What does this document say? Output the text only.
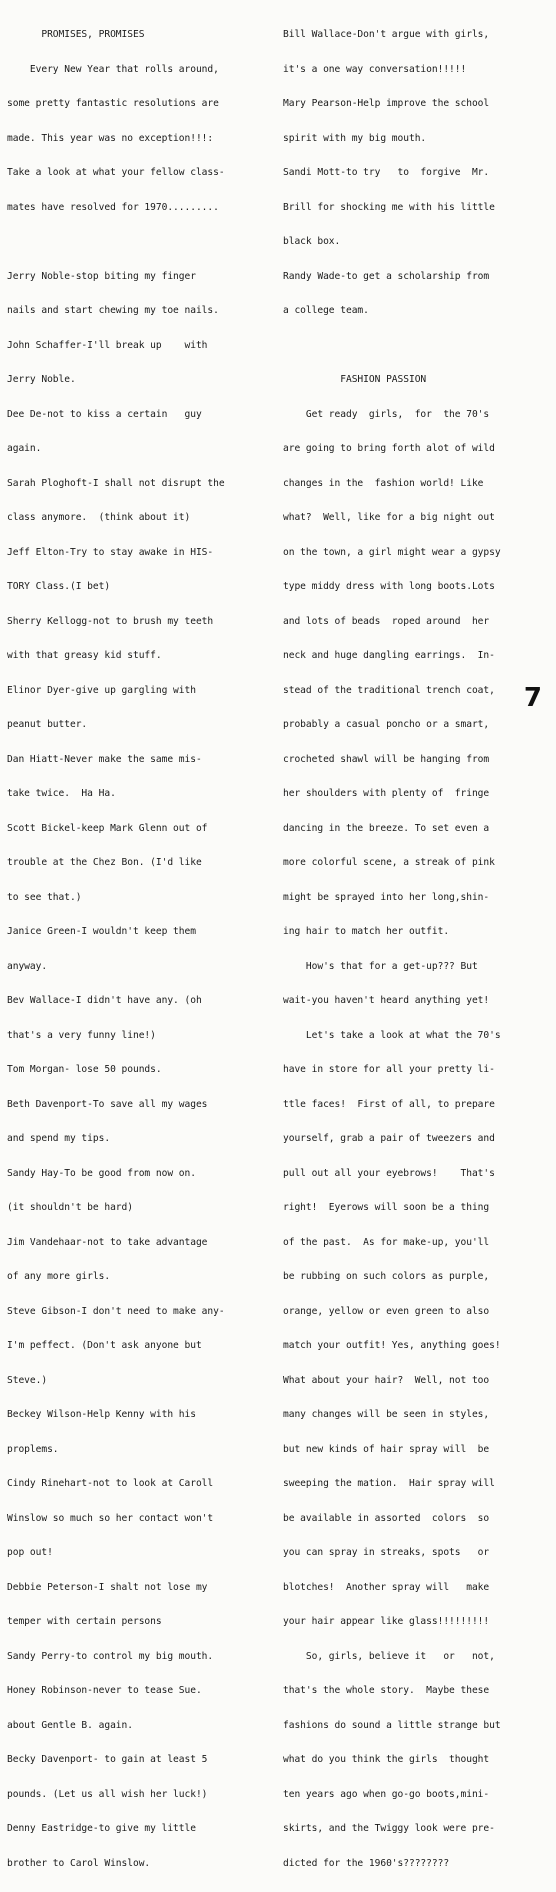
PROMISES, PROMISES

Every New Year that rolls around,

some pretty fantastic resolutions are

made. This year was no exception!!!:

Take a look at what your fellow class-

mates have resolved for 1970.........

Jerry Noble-stop biting my finger

nails and start chewing my toe nails.

John Schaffer-I'll break up    with

Jerry Noble.

Dee De-not to kiss a certain   guy

again.

Sarah Ploghoft-I shall not disrupt the

class anymore.  (think about it)

Jeff Elton-Try to stay awake in HIS-

TORY Class.(I bet)

Sherry Kellogg-not to brush my teeth

with that greasy kid stuff.

Elinor Dyer-give up gargling with

peanut butter.

Dan Hiatt-Never make the same mis-

take twice.  Ha Ha.

Scott Bickel-keep Mark Glenn out of

trouble at the Chez Bon. (I'd like

to see that.)

Janice Green-I wouldn't keep them

anyway.

Bev Wallace-I didn't have any. (oh

that's a very funny line!)

Tom Morgan- lose 50 pounds.

Beth Davenport-To save all my wages

and spend my tips.

Sandy Hay-To be good from now on.

(it shouldn't be hard)

Jim Vandehaar-not to take advantage

of any more girls.

Steve Gibson-I don't need to make any-

I'm peffect. (Don't ask anyone but

Steve.)

Beckey Wilson-Help Kenny with his

proplems.

Cindy Rinehart-not to look at Caroll

Winslow so much so her contact won't

pop out!

Debbie Peterson-I shalt not lose my

temper with certain persons

Sandy Perry-to control my big mouth.

Honey Robinson-never to tease Sue.

about Gentle B. again.

Becky Davenport- to gain at least 5

pounds. (Let us all wish her luck!)

Denny Eastridge-to give my little

brother to Carol Winslow.

Bill Wallace-Don't argue with girls,

it's a one way conversation!!!!!

Mary Pearson-Help improve the school

spirit with my big mouth.

Sandi Mott-to try   to  forgive  Mr.

Brill for shocking me with his little

black box.

Randy Wade-to get a scholarship from

a college team.

FASHION PASSION

Get ready  girls,  for  the 70's

are going to bring forth alot of wild

changes in the  fashion world! Like

what?  Well, like for a big night out

on the town, a girl might wear a gypsy

type middy dress with long boots.Lots

and lots of beads  roped around  her

neck and huge dangling earrings.  In-

stead of the traditional trench coat,

probably a casual poncho or a smart,

crocheted shawl will be hanging from

her shoulders with plenty of  fringe

dancing in the breeze. To set even a

more colorful scene, a streak of pink

might be sprayed into her long,shin-

ing hair to match her outfit.

How's that for a get-up??? But

wait-you haven't heard anything yet!

Let's take a look at what the 70's

have in store for all your pretty li-

ttle faces!  First of all, to prepare

yourself, grab a pair of tweezers and

pull out all your eyebrows!    That's

right!  Eyerows will soon be a thing

of the past.  As for make-up, you'll

be rubbing on such colors as purple,

orange, yellow or even green to also

match your outfit! Yes, anything goes!

What about your hair?  Well, not too

many changes will be seen in styles,

but new kinds of hair spray will  be

sweeping the mation.  Hair spray will

be available in assorted  colors  so

you can spray in streaks, spots   or

blotches!  Another spray will   make

your hair appear like glass!!!!!!!!!

So, girls, believe it   or   not,

that's the whole story.  Maybe these

fashions do sound a little strange but

what do you think the girls  thought

ten years ago when go-go boots,mini-

skirts, and the Twiggy look were pre-

dicted for the 1960's????????

7
